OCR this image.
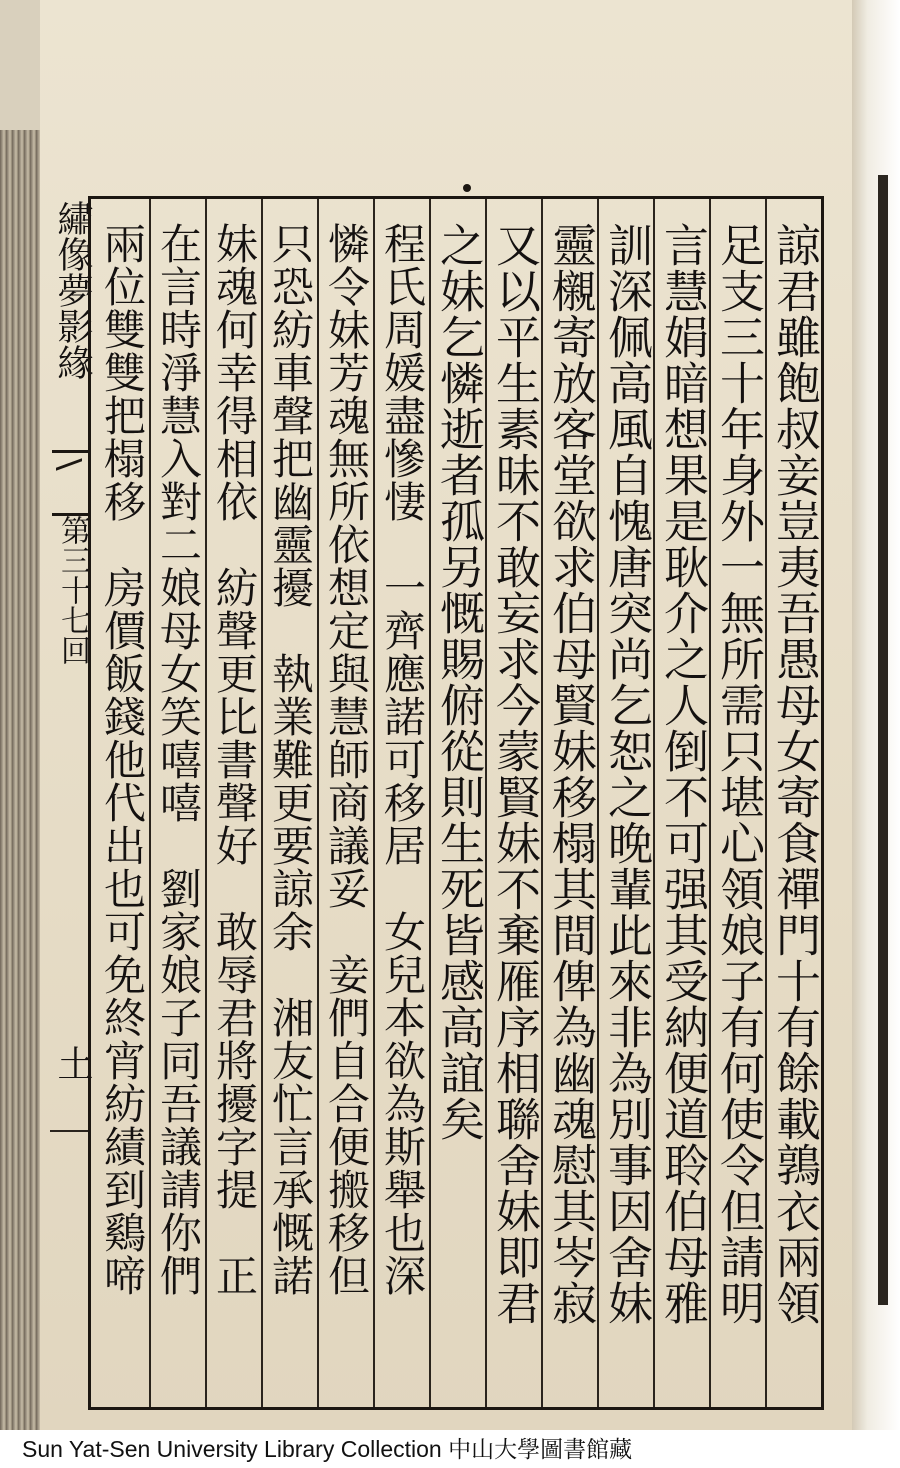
繡像夢影緣
第三十七回
土	諒君雖飽叔妾豈夷吾愚母女寄食禪門十有餘載鶉衣兩領
足支三十年身外一無所需只堪心領娘子有何使令但請明
言慧娟暗想果是耿介之人倒不可强其受納便道聆伯母雅
訓深佩高風自愧唐突尚乞恕之晚輩此來非為別事因舍妹
靈櫬寄放客堂欲求伯母賢妹移榻其間俾為幽魂慰其岑寂
又以平生素昧不敢妄求今蒙賢妹不棄雁序相聯舍妹即君
之妹乞憐逝者孤另慨賜俯從則生死皆感高誼矣
程氏周媛盡慘悽　一齊應諾可移居　女兒本欲為斯舉也深
憐令妹芳魂無所依想定與慧師商議妥　妾們自合便搬移但
只恐紡車聲把幽靈擾　執業難更要諒余　湘友忙言承慨諾
妹魂何幸得相依　紡聲更比書聲好　敢辱君將擾字提　正
在言時淨慧入對二娘母女笑嘻嘻　劉家娘子同吾議請你們
兩位雙雙把榻移　房價飯錢他代出也可免終宵紡績到鷄啼
Sun Yat-Sen University Library Collection 中山大學圖書館藏
